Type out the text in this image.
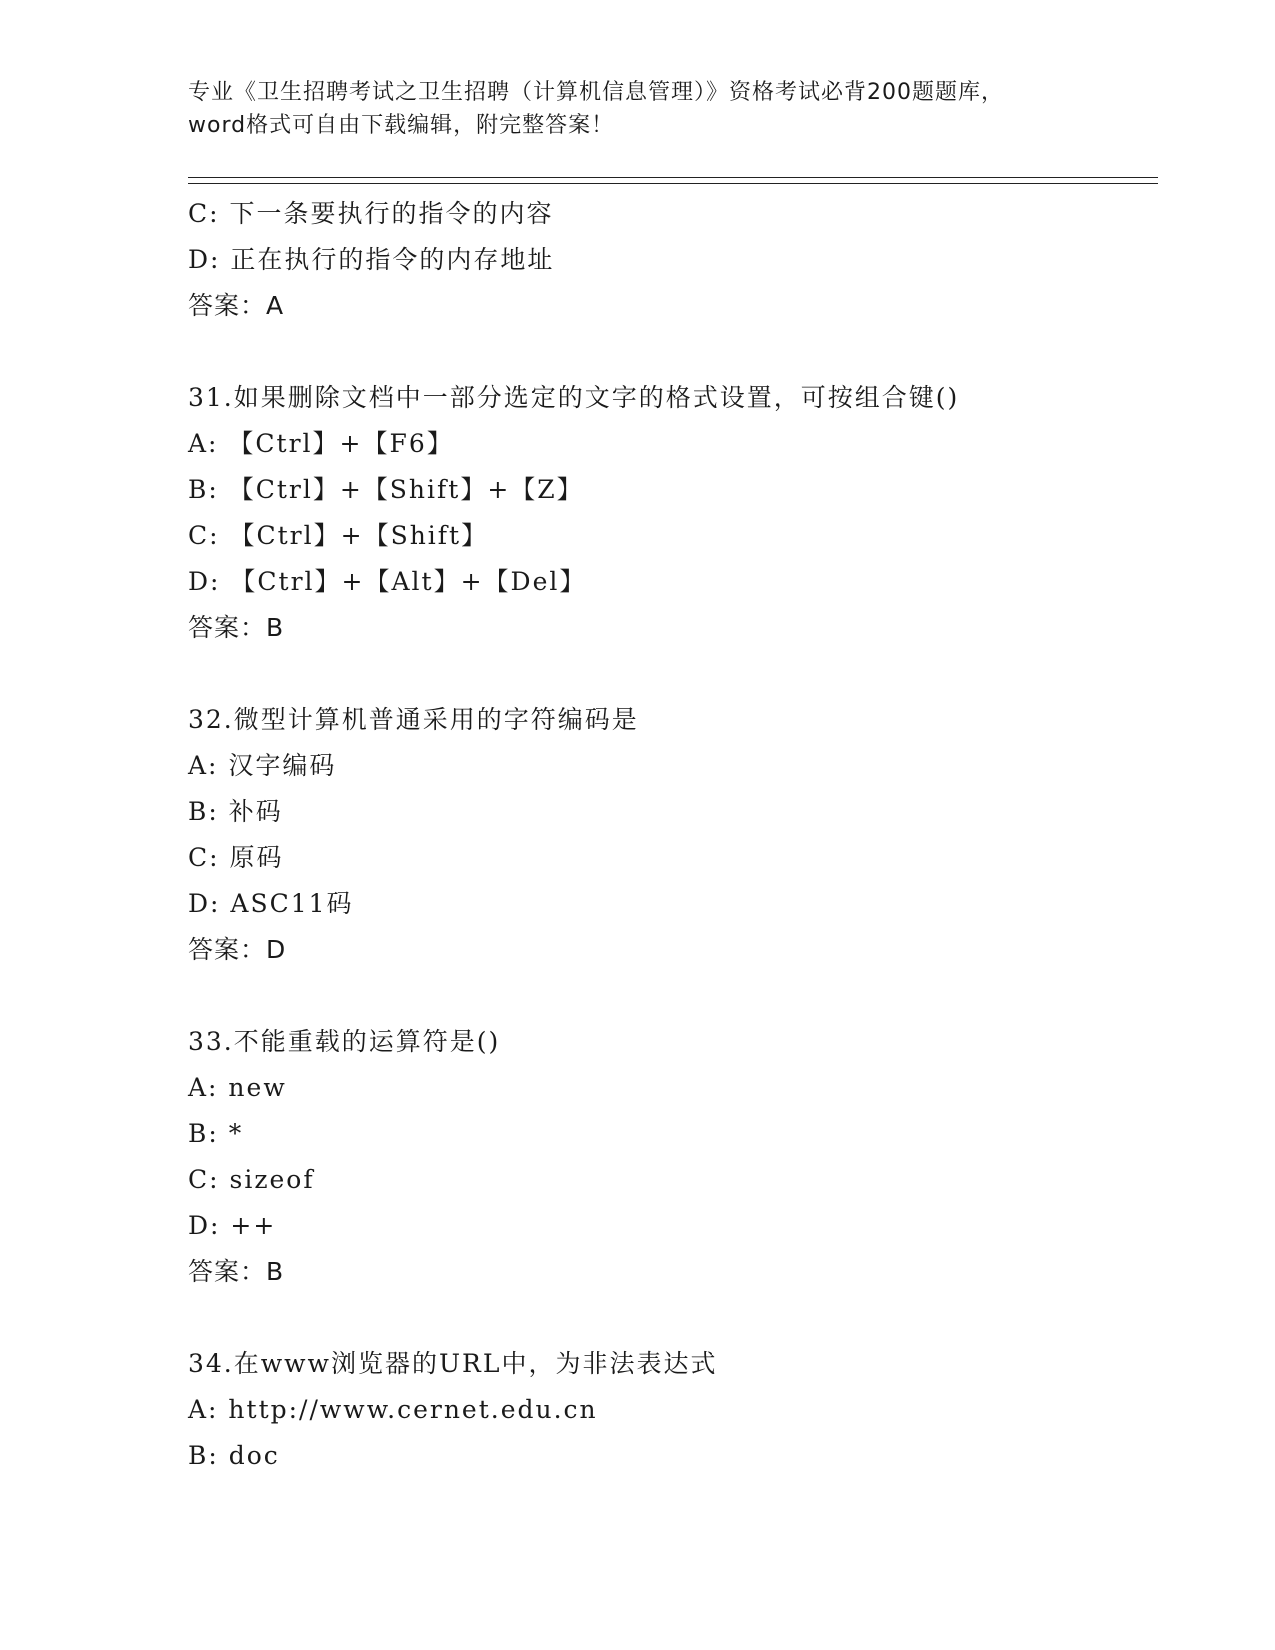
专业《卫生招聘考试之卫生招聘（计算机信息管理）》资格考试必背200题题库，
word格式可自由下载编辑，附完整答案！
C: 下一条要执行的指令的内容
D: 正在执行的指令的内存地址
答案：A
31.如果删除文档中一部分选定的文字的格式设置，可按组合键()
A: 【Ctrl】+【F6】
B: 【Ctrl】+【Shift】+【Z】
C: 【Ctrl】+【Shift】
D: 【Ctrl】+【Alt】+【Del】
答案：B
32.微型计算机普通采用的字符编码是
A: 汉字编码
B: 补码
C: 原码
D: ASC11码
答案：D
33.不能重载的运算符是()
A: new
B: *
C: sizeof
D: ++
答案：B
34.在www浏览器的URL中，为非法表达式
A: http://www.cernet.edu.cn
B: doc
